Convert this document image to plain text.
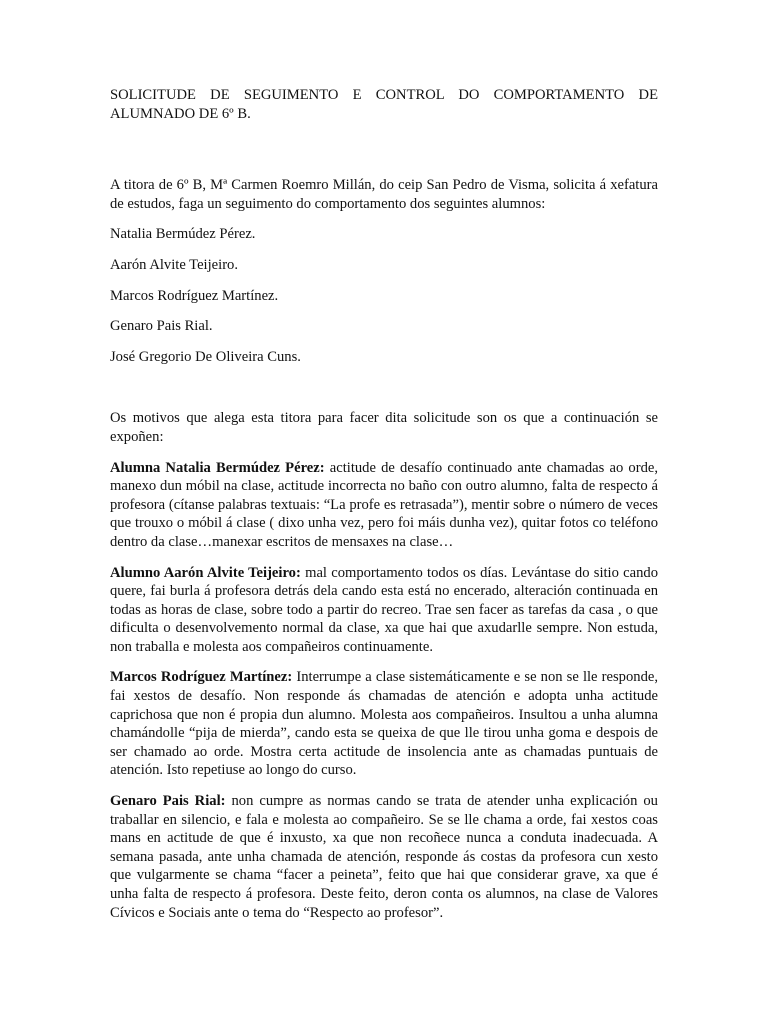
SOLICITUDE DE SEGUIMENTO E CONTROL DO COMPORTAMENTO DE ALUMNADO DE 6º B.

A titora de 6º B, Mª Carmen Roemro Millán, do ceip San Pedro de Visma, solicita á xefatura de estudos, faga un seguimento do comportamento dos seguintes alumnos:

Natalia Bermúdez Pérez.

Aarón Alvite Teijeiro.

Marcos Rodríguez Martínez.

Genaro Pais Rial.

José Gregorio De Oliveira Cuns.

Os motivos que alega esta titora para facer dita solicitude son os que a continuación se expoñen:

Alumna Natalia Bermúdez Pérez: actitude de desafío continuado ante chamadas ao orde, manexo dun móbil na clase, actitude incorrecta no baño con outro alumno, falta de respecto á profesora (cítanse palabras textuais: “La profe es retrasada”), mentir sobre o número de veces que trouxo o móbil á clase ( dixo unha vez, pero foi máis dunha vez), quitar fotos co teléfono dentro da clase…manexar escritos de mensaxes na clase…

Alumno Aarón Alvite Teijeiro: mal comportamento todos os días. Levántase do sitio cando quere, fai burla á profesora detrás dela cando esta está no encerado, alteración continuada en todas as horas de clase, sobre todo a partir do recreo. Trae sen facer as tarefas da casa , o que dificulta o desenvolvemento normal da clase, xa que hai que axudarlle sempre. Non estuda, non traballa e molesta aos compañeiros continuamente.

Marcos Rodríguez Martínez: Interrumpe a clase sistemáticamente e se non se lle responde, fai xestos de desafío. Non responde ás chamadas de atención e adopta unha actitude caprichosa que non é propia dun alumno. Molesta aos compañeiros. Insultou a unha alumna chamándolle “pija de mierda”, cando esta se queixa de que lle tirou unha goma e despois de ser chamado ao orde. Mostra certa actitude de insolencia ante as chamadas puntuais de atención. Isto repetiuse ao longo do curso.

Genaro Pais Rial: non cumpre as normas cando se trata de atender unha explicación ou traballar en silencio, e fala e molesta ao compañeiro. Se se lle chama a orde, fai xestos coas mans en actitude de que é inxusto, xa que non recoñece nunca a conduta inadecuada. A semana pasada, ante unha chamada de atención, responde ás costas da profesora cun xesto que vulgarmente se chama “facer a peineta”, feito que hai que considerar grave, xa que é unha falta de respecto á profesora. Deste feito, deron conta os alumnos, na clase de Valores Cívicos e Sociais ante o tema do “Respecto ao profesor”.
